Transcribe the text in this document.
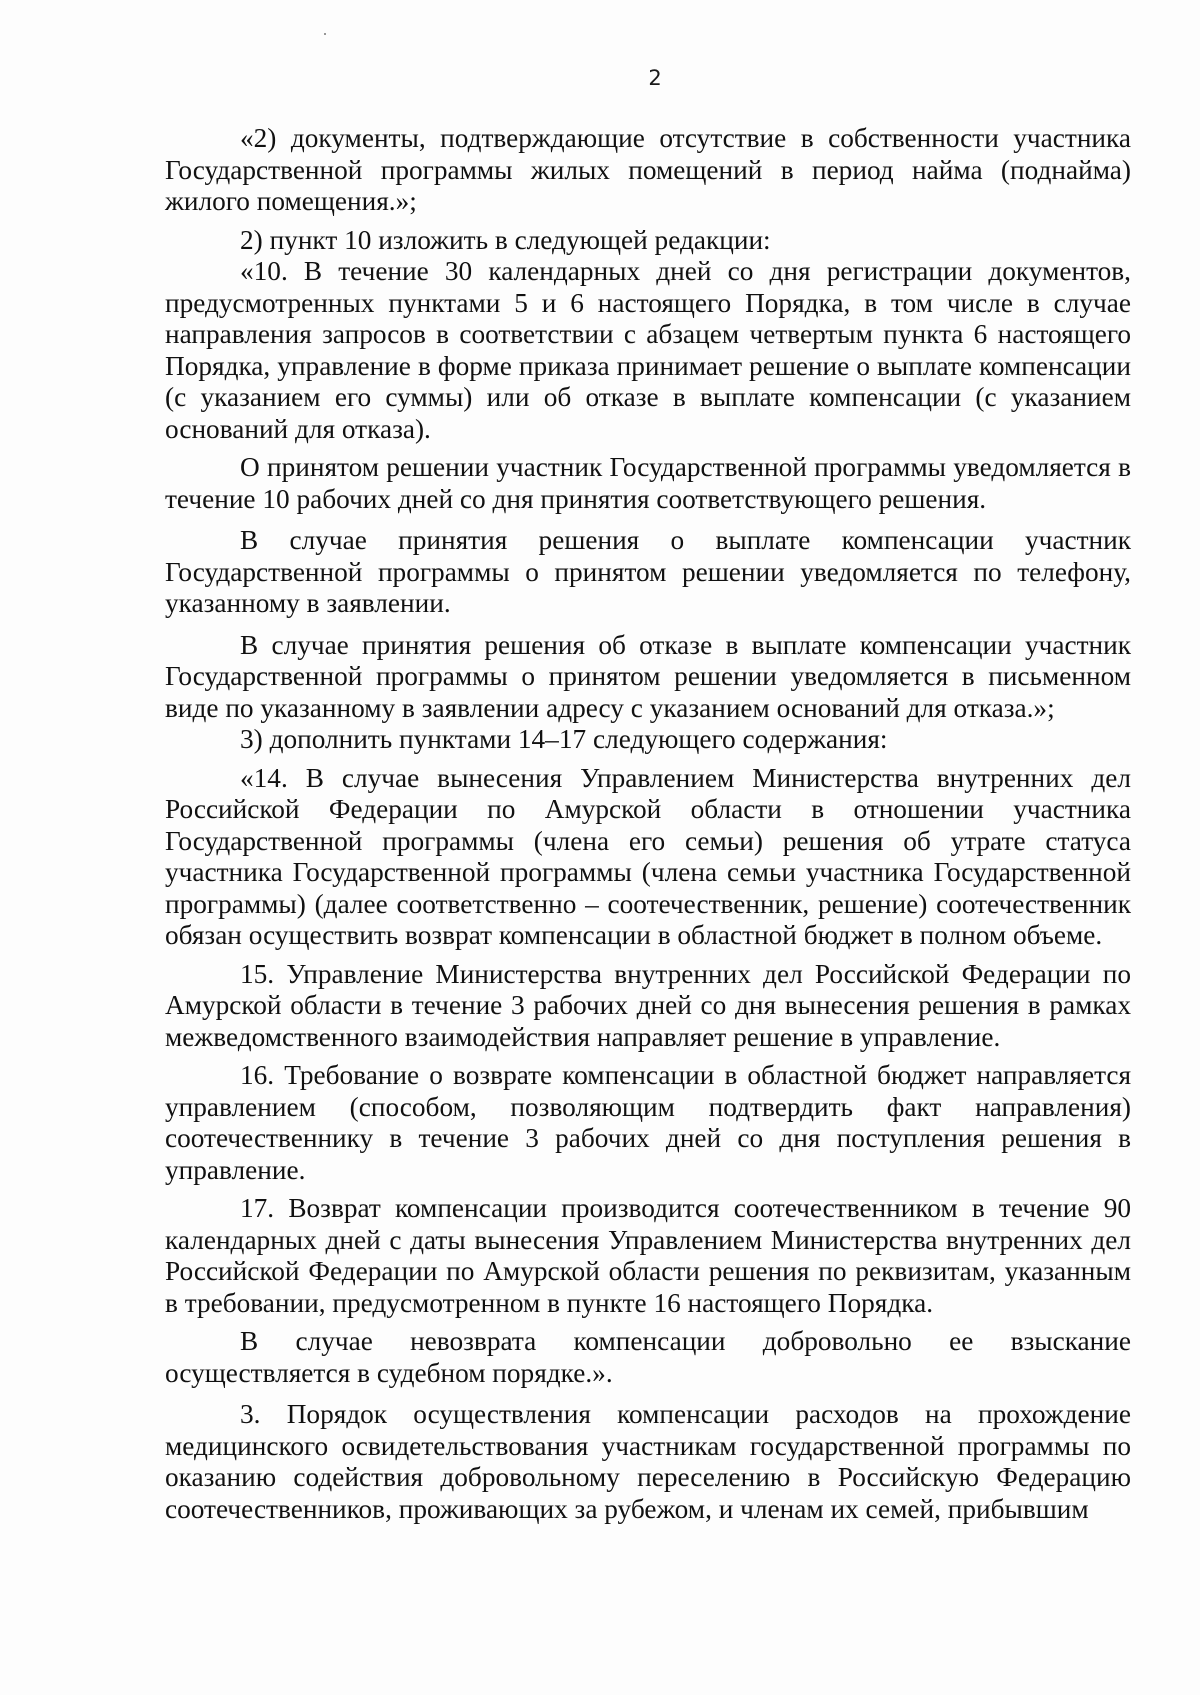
2

«2) документы, подтверждающие отсутствие в собственности участника Государственной программы жилых помещений в период найма (поднайма) жилого помещения.»;

2) пункт 10 изложить в следующей редакции:

«10. В течение 30 календарных дней со дня регистрации документов, предусмотренных пунктами 5 и 6 настоящего Порядка, в том числе в случае направления запросов в соответствии с абзацем четвертым пункта 6 настоящего Порядка, управление в форме приказа принимает решение о выплате компенсации (с указанием его суммы) или об отказе в выплате компенсации (с указанием оснований для отказа).

О принятом решении участник Государственной программы уведомляется в течение 10 рабочих дней со дня принятия соответствующего решения.

В случае принятия решения о выплате компенсации участник Государственной программы о принятом решении уведомляется по телефону, указанному в заявлении.

В случае принятия решения об отказе в выплате компенсации участник Государственной программы о принятом решении уведомляется в письменном виде по указанному в заявлении адресу с указанием оснований для отказа.»;

3) дополнить пунктами 14–17 следующего содержания:

«14. В случае вынесения Управлением Министерства внутренних дел Российской Федерации по Амурской области в отношении участника Государственной программы (члена его семьи) решения об утрате статуса участника Государственной программы (члена семьи участника Государственной программы) (далее соответственно – соотечественник, решение) соотечественник обязан осуществить возврат компенсации в областной бюджет в полном объеме.

15. Управление Министерства внутренних дел Российской Федерации по Амурской области в течение 3 рабочих дней со дня вынесения решения в рамках межведомственного взаимодействия направляет решение в управление.

16. Требование о возврате компенсации в областной бюджет направляется управлением (способом, позволяющим подтвердить факт направления) соотечественнику в течение 3 рабочих дней со дня поступления решения в управление.

17. Возврат компенсации производится соотечественником в течение 90 календарных дней с даты вынесения Управлением Министерства внутренних дел Российской Федерации по Амурской области решения по реквизитам, указанным в требовании, предусмотренном в пункте 16 настоящего Порядка.

В случае невозврата компенсации добровольно ее взыскание осуществляется в судебном порядке.».

3. Порядок осуществления компенсации расходов на прохождение медицинского освидетельствования участникам государственной программы по оказанию содействия добровольному переселению в Российскую Федерацию соотечественников, проживающих за рубежом, и членам их семей, прибывшим
